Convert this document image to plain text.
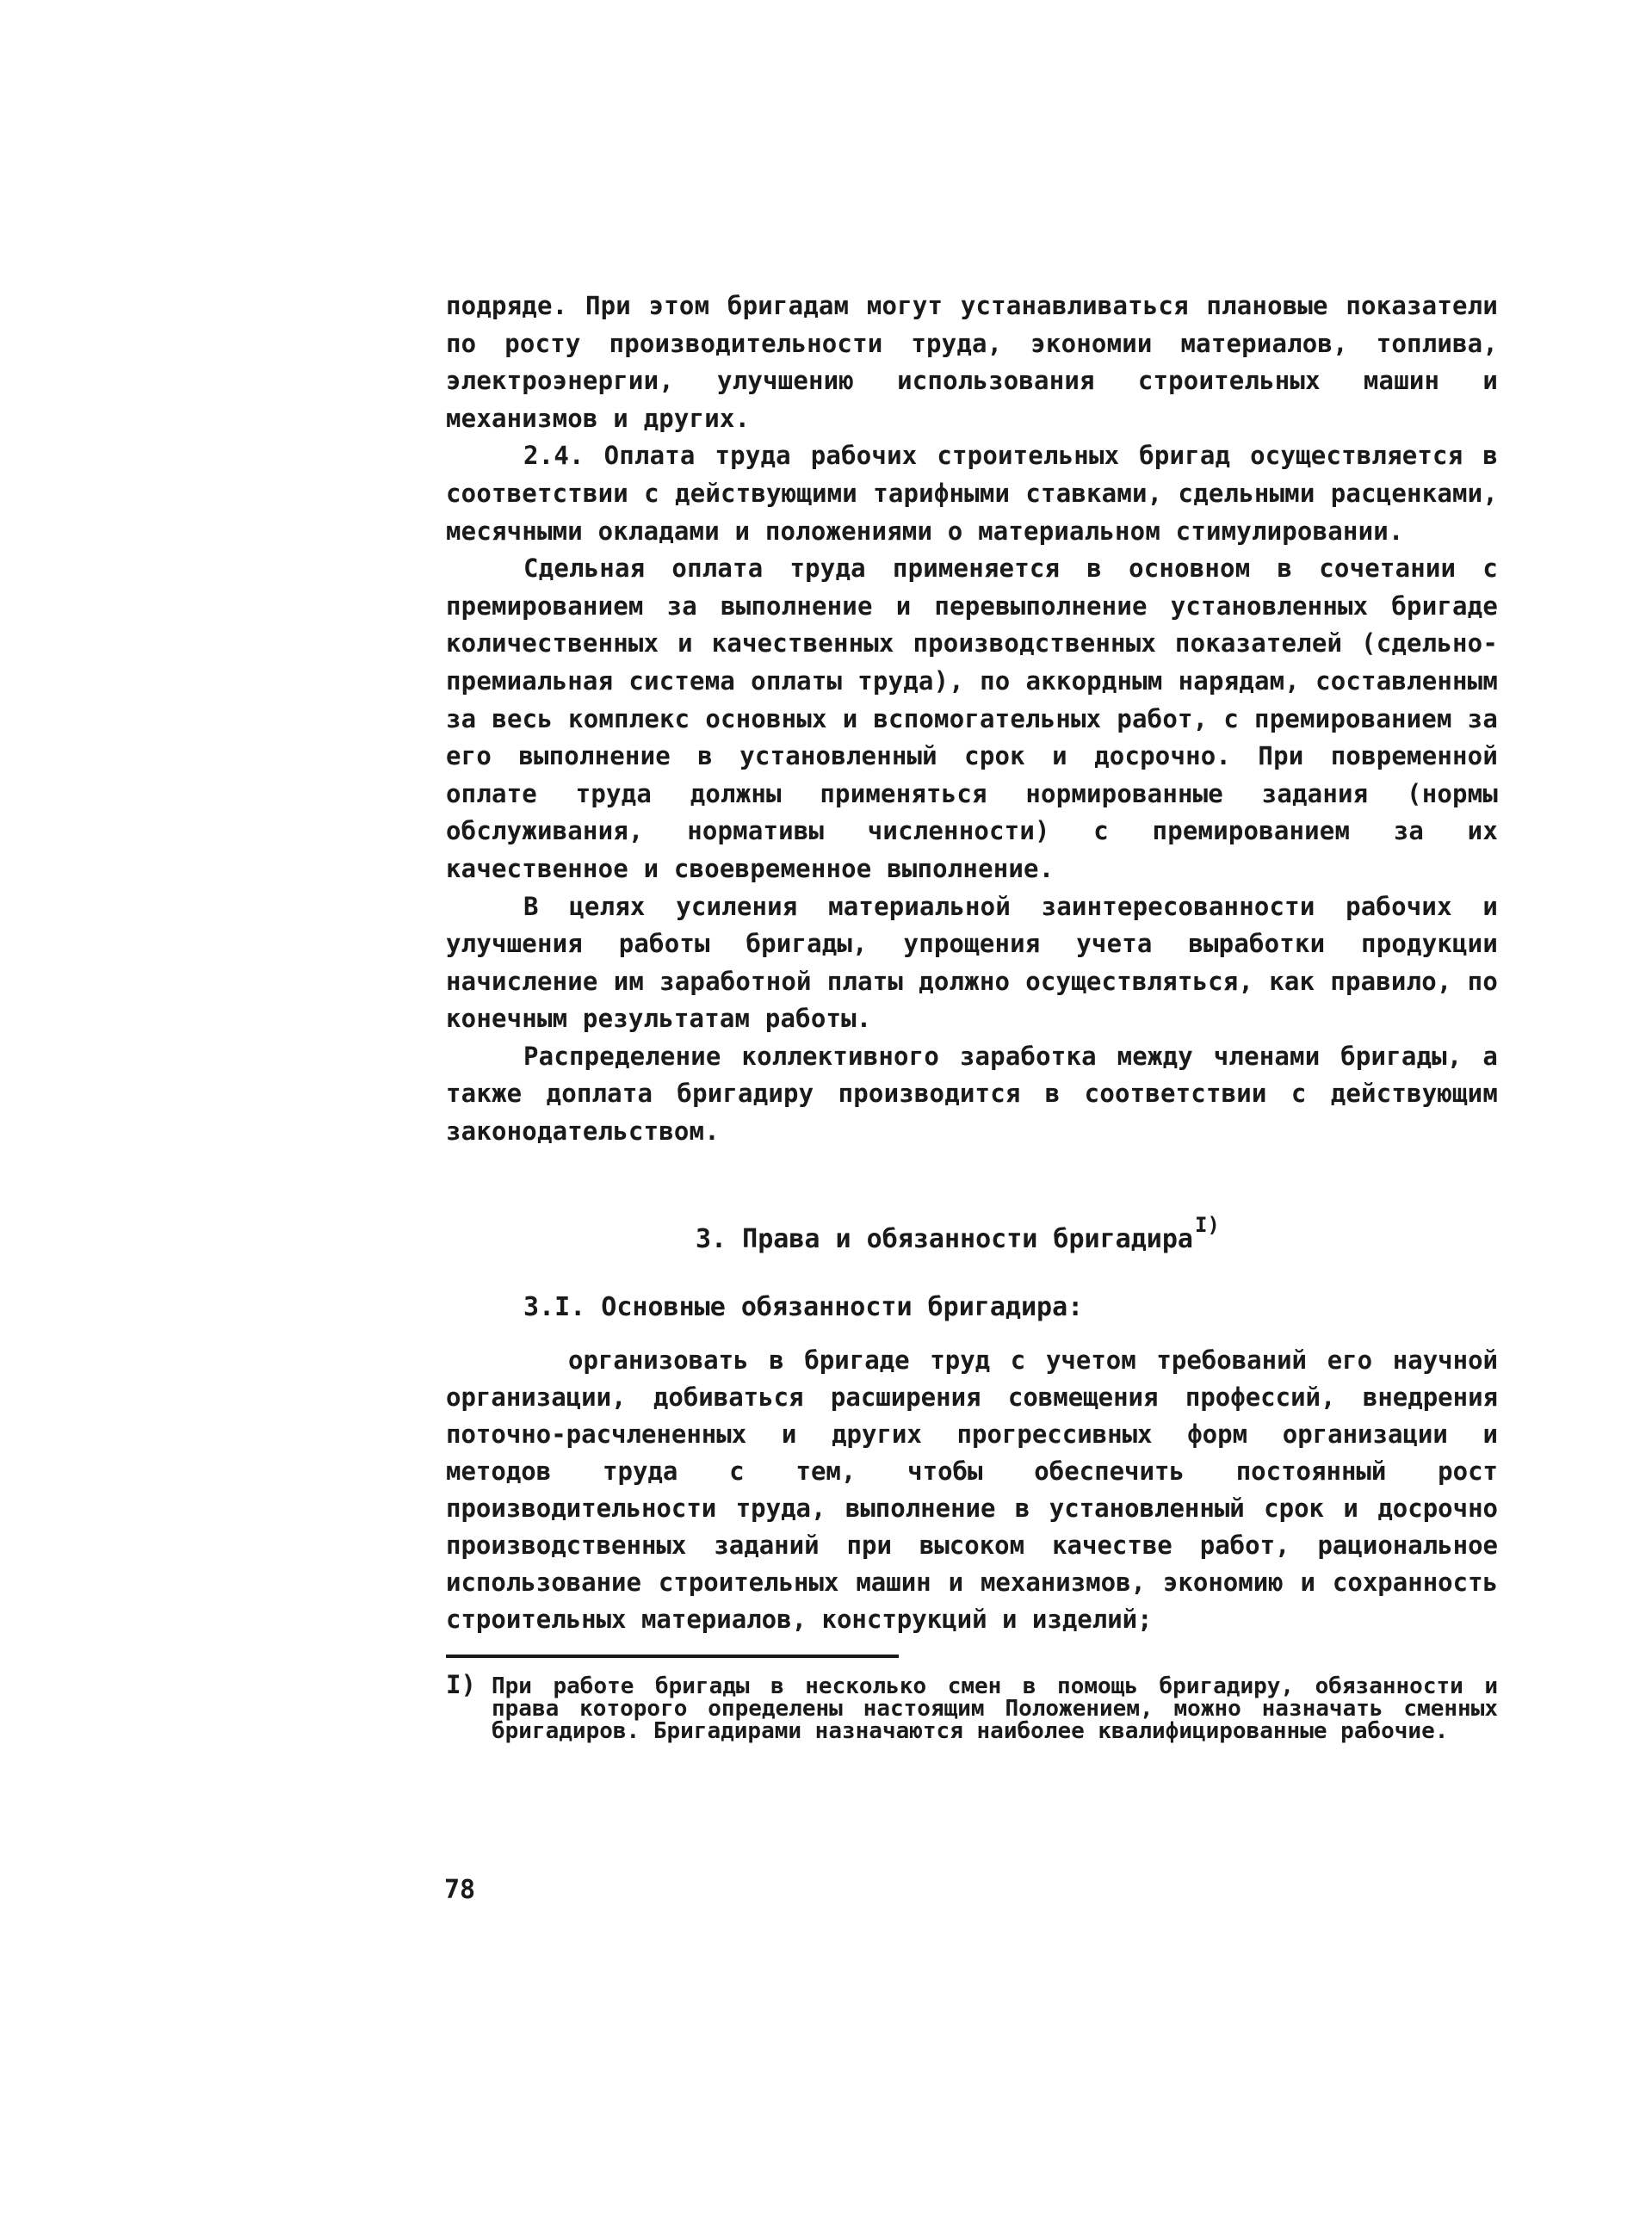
подряде. При этом бригадам могут устанавливаться плановые показатели по росту производительности труда, экономии материалов, топлива, электроэнергии, улучшению использования строительных машин и механизмов и других.

2.4. Оплата труда рабочих строительных бригад осуществляется в соответствии с действующими тарифными ставками, сдельными расценками, месячными окладами и положениями о материальном стимулировании.

Сдельная оплата труда применяется в основном в сочетании с премированием за выполнение и перевыполнение установленных бригаде количественных и качественных производственных показателей (сдельно-премиальная система оплаты труда), по аккордным нарядам, составленным за весь комплекс основных и вспомогательных работ, с премированием за его выполнение в установленный срок и досрочно. При повременной оплате труда должны применяться нормированные задания (нормы обслуживания, нормативы численности) с премированием за их качественное и своевременное выполнение.

В целях усиления материальной заинтересованности рабочих и улучшения работы бригады, упрощения учета выработки продукции начисление им заработной платы должно осуществляться, как правило, по конечным результатам работы.

Распределение коллективного заработка между членами бригады, а также доплата бригадиру производится в соответствии с действующим законодательством.

3. Права и обязанности бригадира$^{I)}$
3.I. Основные обязанности бригадира:

организовать в бригаде труд с учетом требований его научной организации, добиваться расширения совмещения профессий, внедрения поточно-расчлененных и других прогрессивных форм организации и методов труда с тем, чтобы обеспечить постоянный рост производительности труда, выполнение в установленный срок и досрочно производственных заданий при высоком качестве работ, рациональное использование строительных машин и механизмов, экономию и сохранность строительных материалов, конструкций и изделий;

I) При работе бригады в несколько смен в помощь бригадиру, обязанности и права которого определены настоящим Положением, можно назначать сменных бригадиров. Бригадирами назначаются наиболее квалифицированные рабочие.

78
